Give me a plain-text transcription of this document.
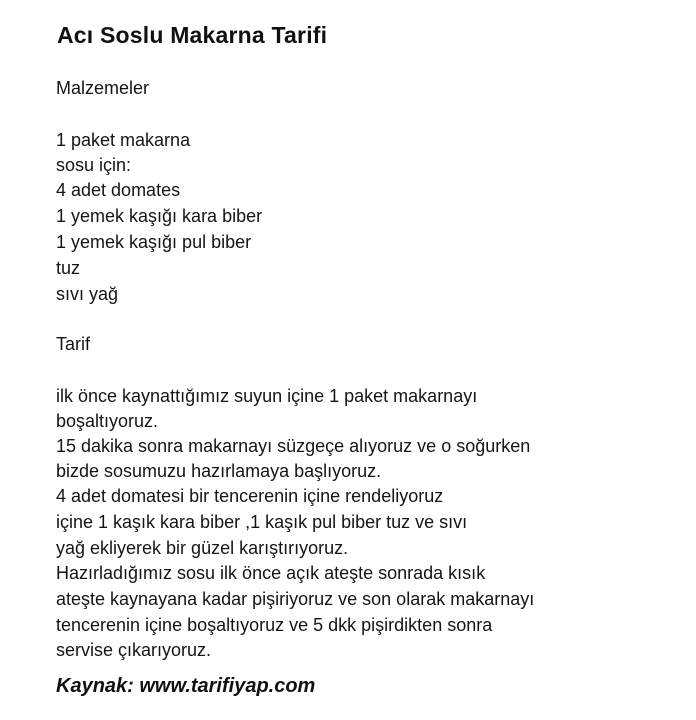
Acı Soslu Makarna Tarifi

Malzemeler

1 paket makarna

sosu için:

4 adet domates

1 yemek kaşığı kara biber

1 yemek kaşığı pul biber

tuz

sıvı yağ

Tarif

ilk önce kaynattığımız suyun içine 1 paket makarnayı

boşaltıyoruz.

15 dakika sonra makarnayı süzgeçe alıyoruz ve o soğurken

bizde sosumuzu hazırlamaya başlıyoruz.

4 adet domatesi bir tencerenin içine rendeliyoruz

içine 1 kaşık kara biber ,1 kaşık pul biber tuz ve sıvı

yağ ekliyerek bir güzel karıştırıyoruz.

Hazırladığımız sosu ilk önce açık ateşte sonrada kısık

ateşte kaynayana kadar pişiriyoruz ve son olarak makarnayı

tencerenin içine boşaltıyoruz ve 5 dkk pişirdikten sonra

servise çıkarıyoruz.

Kaynak: www.tarifiyap.com
